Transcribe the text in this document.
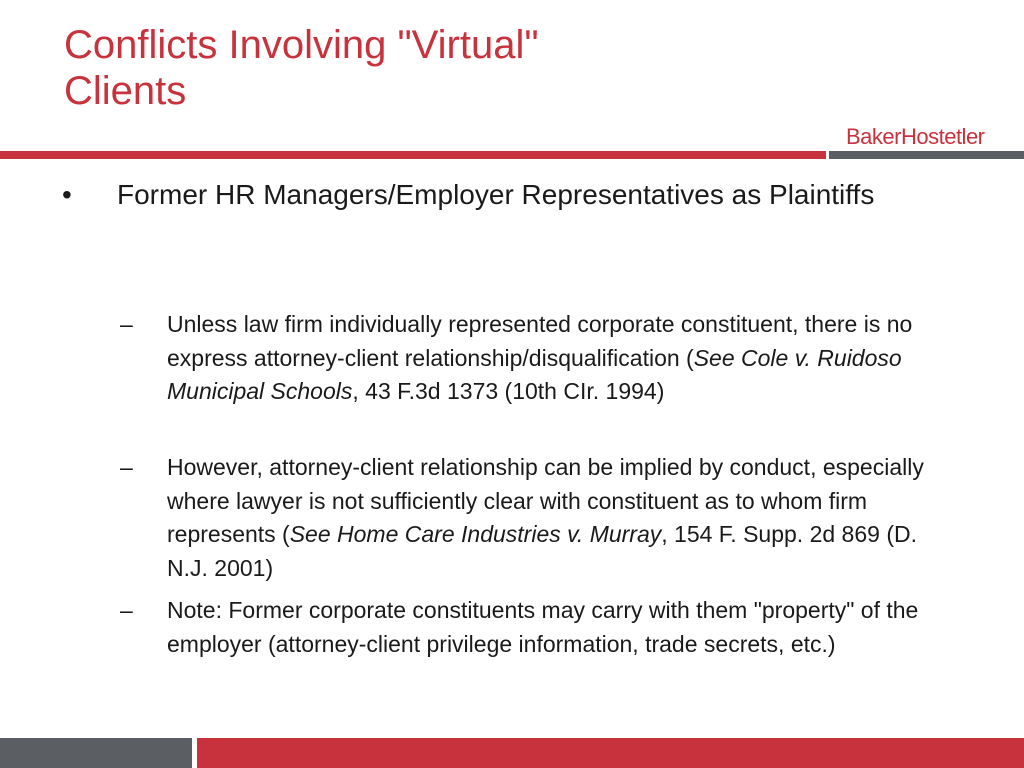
Conflicts Involving "Virtual"
Clients
BakerHostetler
•	Former HR Managers/Employer Representatives as Plaintiffs
–	Unless law firm individually represented corporate constituent, there is no express attorney-client relationship/disqualification (See Cole v. Ruidoso Municipal Schools, 43 F.3d 1373 (10th CIr. 1994)
–	However, attorney-client relationship can be implied by conduct, especially where lawyer is not sufficiently clear with constituent as to whom firm represents (See Home Care Industries v. Murray, 154 F. Supp. 2d 869 (D. N.J. 2001)
–	Note: Former corporate constituents may carry with them "property" of the employer (attorney-client privilege information, trade secrets, etc.)
